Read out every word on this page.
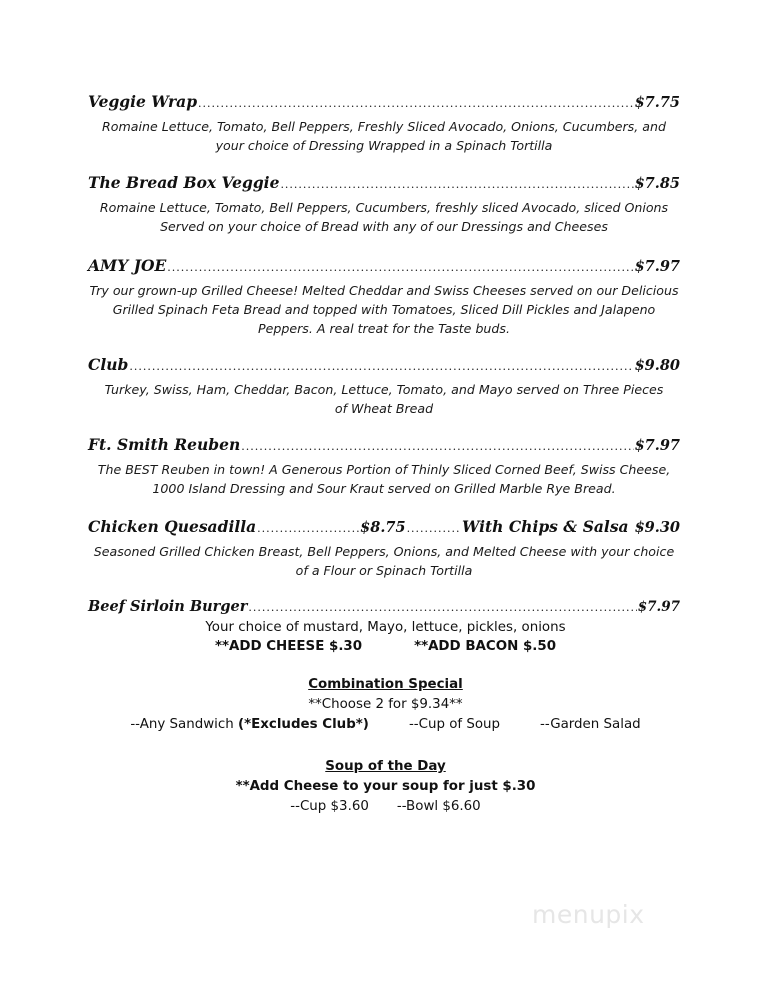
Veggie Wrap .....	$7.75
Romaine Lettuce, Tomato, Bell Peppers, Freshly Sliced Avocado, Onions, Cucumbers, and your choice of Dressing Wrapped in a Spinach Tortilla
The Bread Box Veggie .....	$7.85
Romaine Lettuce, Tomato, Bell Peppers, Cucumbers, freshly sliced Avocado, sliced Onions Served on your choice of Bread with any of our Dressings and Cheeses
AMY JOE .....	$7.97
Try our grown-up Grilled Cheese! Melted Cheddar and Swiss Cheeses served on our Delicious Grilled Spinach Feta Bread and topped with Tomatoes, Sliced Dill Pickles and Jalapeno Peppers. A real treat for the Taste buds.
Club .....	$9.80
Turkey, Swiss, Ham, Cheddar, Bacon, Lettuce, Tomato, and Mayo served on Three Pieces of Wheat Bread
Ft. Smith Reuben .....	$7.97
The BEST Reuben in town! A Generous Portion of Thinly Sliced Corned Beef, Swiss Cheese, 1000 Island Dressing and Sour Kraut served on Grilled Marble Rye Bread.
Chicken Quesadilla .....	$8.75 .....	With Chips & Salsa $9.30
Seasoned Grilled Chicken Breast, Bell Peppers, Onions, and Melted Cheese with your choice of a Flour or Spinach Tortilla
Beef Sirloin Burger .....	$7.97
Your choice of mustard, Mayo, lettuce, pickles, onions
**ADD CHEESE $.30	**ADD BACON $.50
Combination Special
**Choose 2 for $9.34**
--Any Sandwich (*Excludes Club*)	--Cup of Soup	--Garden Salad
Soup of the Day
**Add Cheese to your soup for just $.30
--Cup $3.60 --Bowl $6.60
menupix
